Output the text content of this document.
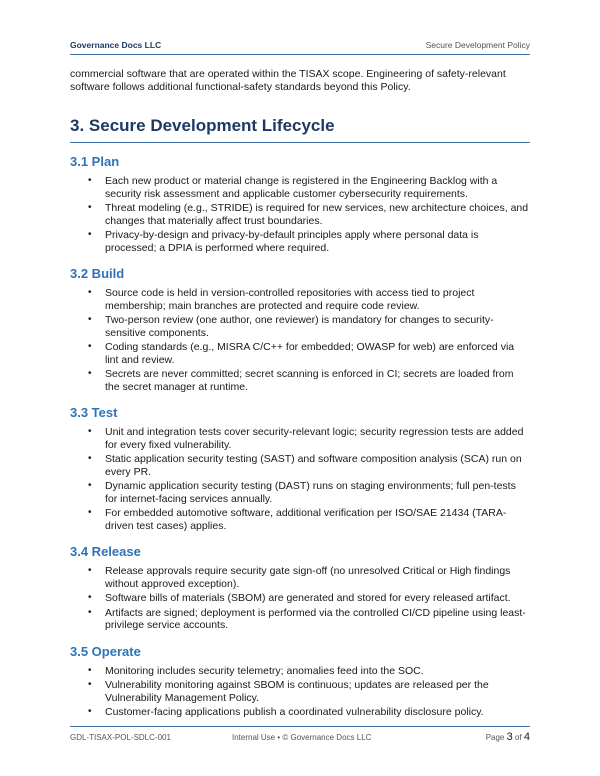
Governance Docs LLC	Secure Development Policy

commercial software that are operated within the TISAX scope. Engineering of safety-relevant software follows additional functional-safety standards beyond this Policy.

3. Secure Development Lifecycle
3.1 Plan
• Each new product or material change is registered in the Engineering Backlog with a security risk assessment and applicable customer cybersecurity requirements.
• Threat modeling (e.g., STRIDE) is required for new services, new architecture choices, and changes that materially affect trust boundaries.
• Privacy-by-design and privacy-by-default principles apply where personal data is processed; a DPIA is performed where required.
3.2 Build
• Source code is held in version-controlled repositories with access tied to project membership; main branches are protected and require code review.
• Two-person review (one author, one reviewer) is mandatory for changes to security-sensitive components.
• Coding standards (e.g., MISRA C/C++ for embedded; OWASP for web) are enforced via lint and review.
• Secrets are never committed; secret scanning is enforced in CI; secrets are loaded from the secret manager at runtime.
3.3 Test
• Unit and integration tests cover security-relevant logic; security regression tests are added for every fixed vulnerability.
• Static application security testing (SAST) and software composition analysis (SCA) run on every PR.
• Dynamic application security testing (DAST) runs on staging environments; full pen-tests for internet-facing services annually.
• For embedded automotive software, additional verification per ISO/SAE 21434 (TARA-driven test cases) applies.
3.4 Release
• Release approvals require security gate sign-off (no unresolved Critical or High findings without approved exception).
• Software bills of materials (SBOM) are generated and stored for every released artifact.
• Artifacts are signed; deployment is performed via the controlled CI/CD pipeline using least-privilege service accounts.
3.5 Operate
• Monitoring includes security telemetry; anomalies feed into the SOC.
• Vulnerability monitoring against SBOM is continuous; updates are released per the Vulnerability Management Policy.
• Customer-facing applications publish a coordinated vulnerability disclosure policy.
GDL-TISAX-POL-SDLC-001	Internal Use • © Governance Docs LLC	Page 3 of 4
